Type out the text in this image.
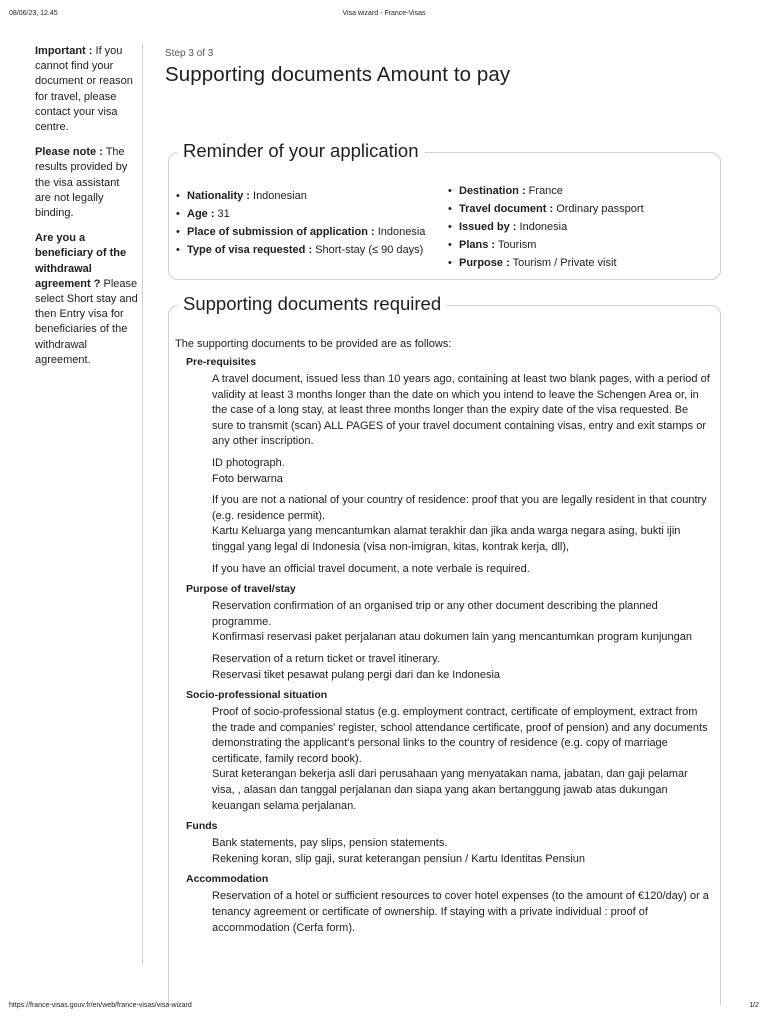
08/06/23, 12.45	Visa wizard - France-Visas
Important : If you cannot find your document or reason for travel, please contact your visa centre.
Please note : The results provided by the visa assistant are not legally binding.
Are you a beneficiary of the withdrawal agreement ? Please select Short stay and then Entry visa for beneficiaries of the withdrawal agreement.
Step 3 of 3
Supporting documents Amount to pay
Reminder of your application
• Nationality : Indonesian
• Age : 31
• Place of submission of application : Indonesia
• Type of visa requested : Short-stay (≤ 90 days)
• Destination : France
• Travel document : Ordinary passport
• Issued by : Indonesia
• Plans : Tourism
• Purpose : Tourism / Private visit
Supporting documents required
The supporting documents to be provided are as follows:
Pre-requisites

A travel document, issued less than 10 years ago, containing at least two blank pages, with a period of validity at least 3 months longer than the date on which you intend to leave the Schengen Area or, in the case of a long stay, at least three months longer than the expiry date of the visa requested. Be sure to transmit (scan) ALL PAGES of your travel document containing visas, entry and exit stamps or any other inscription.

ID photograph.

Foto berwarna

If you are not a national of your country of residence: proof that you are legally resident in that country (e.g. residence permit).

Kartu Keluarga yang mencantumkan alamat terakhir dan jika anda warga negara asing, bukti ijin tinggal yang legal di Indonesia (visa non-imigran, kitas, kontrak kerja, dll),

If you have an official travel document, a note verbale is required.

Purpose of travel/stay

Reservation confirmation of an organised trip or any other document describing the planned programme.

Konfirmasi reservasi paket perjalanan atau dokumen lain yang mencantumkan program kunjungan

Reservation of a return ticket or travel itinerary.

Reservasi tiket pesawat pulang pergi dari dan ke Indonesia

Socio-professional situation

Proof of socio-professional status (e.g. employment contract, certificate of employment, extract from the trade and companies' register, school attendance certificate, proof of pension) and any documents demonstrating the applicant's personal links to the country of residence (e.g. copy of marriage certificate, family record book).

Surat keterangan bekerja asli dari perusahaan yang menyatakan nama, jabatan, dan gaji pelamar visa, , alasan dan tanggal perjalanan dan siapa yang akan bertanggung jawab atas dukungan keuangan selama perjalanan.

Funds

Bank statements, pay slips, pension statements.

Rekening koran, slip gaji, surat keterangan pensiun / Kartu Identitas Pensiun

Accommodation

Reservation of a hotel or sufficient resources to cover hotel expenses (to the amount of €120/day) or a tenancy agreement or certificate of ownership. If staying with a private individual : proof of accommodation (Cerfa form).

https://france-visas.gouv.fr/en/web/france-visas/visa-wizard	1/2
